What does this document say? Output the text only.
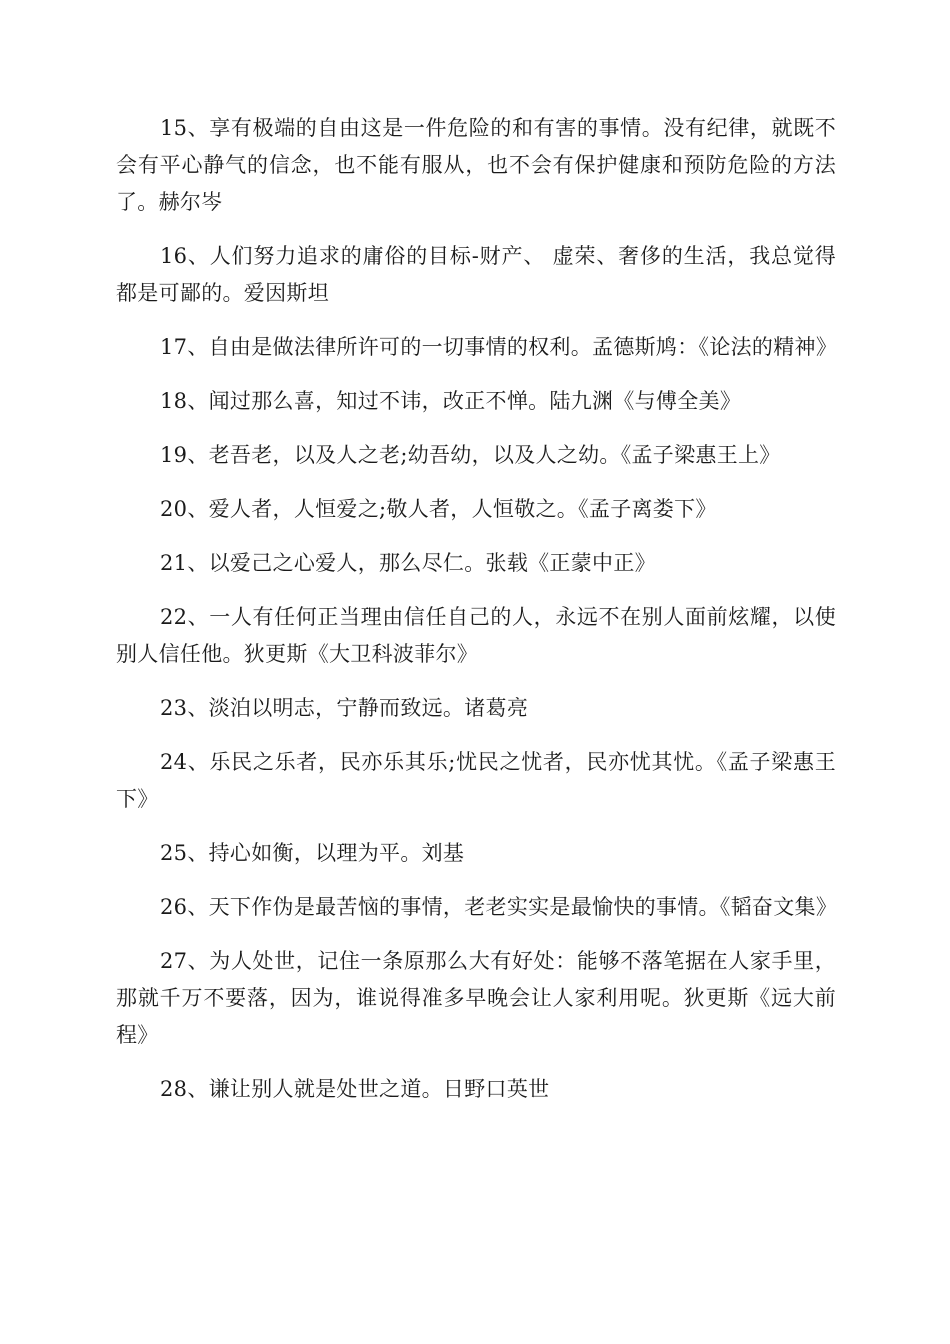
15、享有极端的自由这是一件危险的和有害的事情。没有纪律，就既不会有平心静气的信念，也不能有服从，也不会有保护健康和预防危险的方法了。赫尔岑

16、人们努力追求的庸俗的目标-财产、 虚荣、奢侈的生活，我总觉得都是可鄙的。爱因斯坦

17、自由是做法律所许可的一切事情的权利。孟德斯鸠：《论法的精神》

18、闻过那么喜，知过不讳，改正不惮。陆九渊《与傅全美》

19、老吾老，以及人之老;幼吾幼，以及人之幼。《孟子梁惠王上》

20、爱人者，人恒爱之;敬人者，人恒敬之。《孟子离娄下》

21、以爱己之心爱人，那么尽仁。张载《正蒙中正》

22、一人有任何正当理由信任自己的人，永远不在别人面前炫耀，以使别人信任他。狄更斯《大卫科波菲尔》

23、淡泊以明志，宁静而致远。诸葛亮

24、乐民之乐者，民亦乐其乐;忧民之忧者，民亦忧其忧。《孟子梁惠王下》

25、持心如衡，以理为平。刘基

26、天下作伪是最苦恼的事情，老老实实是最愉快的事情。《韬奋文集》

27、为人处世，记住一条原那么大有好处：能够不落笔据在人家手里，那就千万不要落，因为，谁说得准多早晚会让人家利用呢。狄更斯《远大前程》

28、谦让别人就是处世之道。日野口英世
